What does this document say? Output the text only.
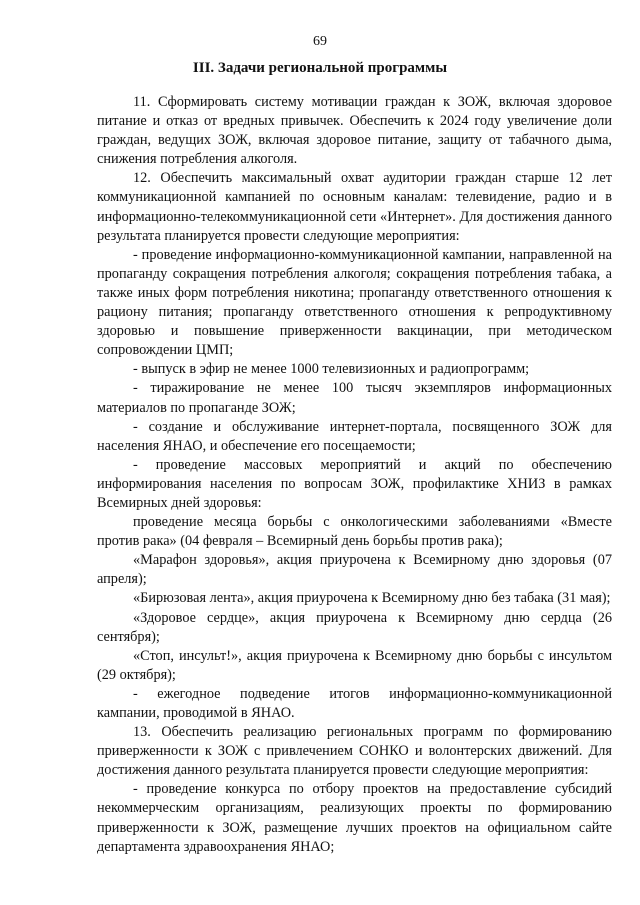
69
III. Задачи региональной программы

11. Сформировать систему мотивации граждан к ЗОЖ, включая здоровое питание и отказ от вредных привычек. Обеспечить к 2024 году увеличение доли граждан, ведущих ЗОЖ, включая здоровое питание, защиту от табачного дыма, снижения потребления алкоголя.

12. Обеспечить максимальный охват аудитории граждан старше 12 лет коммуникационной кампанией по основным каналам: телевидение, радио и в информационно-телекоммуникационной сети «Интернет». Для достижения данного результата планируется провести следующие мероприятия:

- проведение информационно-коммуникационной кампании, направленной на пропаганду сокращения потребления алкоголя; сокращения потребления табака, а также иных форм потребления никотина; пропаганду ответственного отношения к рациону питания; пропаганду ответственного отношения к репродуктивному здоровью и повышение приверженности вакцинации, при методическом сопровождении ЦМП;

- выпуск в эфир не менее 1000 телевизионных и радиопрограмм;

- тиражирование не менее 100 тысяч экземпляров информационных материалов по пропаганде ЗОЖ;

- создание и обслуживание интернет-портала, посвященного ЗОЖ для населения ЯНАО, и обеспечение его посещаемости;

- проведение массовых мероприятий и акций по обеспечению информирования населения по вопросам ЗОЖ, профилактике ХНИЗ в рамках Всемирных дней здоровья:

проведение месяца борьбы с онкологическими заболеваниями «Вместе против рака» (04 февраля – Всемирный день борьбы против рака);

«Марафон здоровья», акция приурочена к Всемирному дню здоровья (07 апреля);

«Бирюзовая лента», акция приурочена к Всемирному дню без табака (31 мая);

«Здоровое сердце», акция приурочена к Всемирному дню сердца (26 сентября);

«Стоп, инсульт!», акция приурочена к Всемирному дню борьбы с инсультом (29 октября);

- ежегодное подведение итогов информационно-коммуникационной кампании, проводимой в ЯНАО.

13. Обеспечить реализацию региональных программ по формированию приверженности к ЗОЖ с привлечением СОНКО и волонтерских движений. Для достижения данного результата планируется провести следующие мероприятия:

- проведение конкурса по отбору проектов на предоставление субсидий некоммерческим организациям, реализующих проекты по формированию приверженности к ЗОЖ, размещение лучших проектов на официальном сайте департамента здравоохранения ЯНАО;
